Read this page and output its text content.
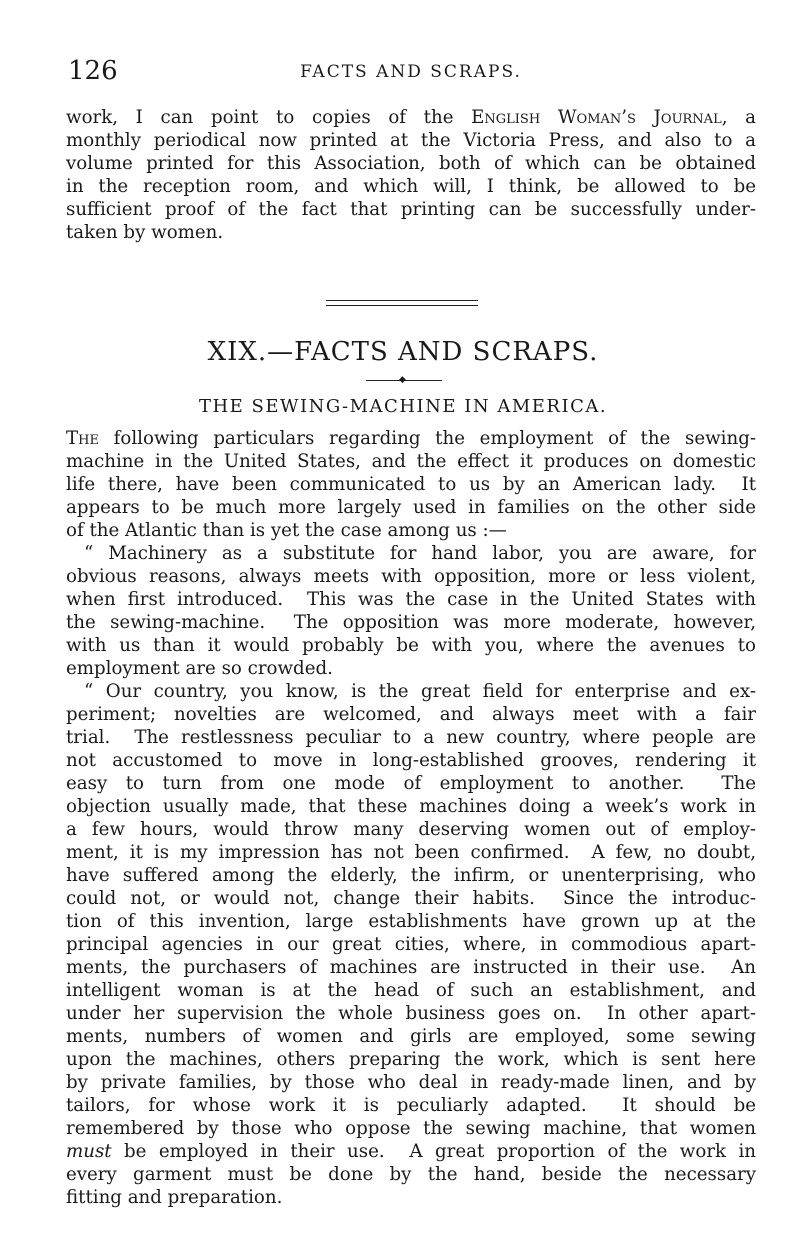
126	FACTS AND SCRAPS.
work, I can point to copies of the English Woman’s Journal, a
monthly periodical now printed at the Victoria Press, and also to a
volume printed for this Association, both of which can be obtained
in the reception room, and which will, I think, be allowed to be
sufficient proof of the fact that printing can be successfully under-
taken by women.
XIX.—FACTS AND SCRAPS.
◆
THE SEWING-MACHINE IN AMERICA.
The following particulars regarding the employment of the sewing-
machine in the United States, and the effect it produces on domestic
life there, have been communicated to us by an American lady.  It
appears to be much more largely used in families on the other side
of the Atlantic than is yet the case among us :—
“ Machinery as a substitute for hand labor, you are aware, for
obvious reasons, always meets with opposition, more or less violent,
when first introduced.  This was the case in the United States with
the sewing-machine.  The opposition was more moderate, however,
with us than it would probably be with you, where the avenues to
employment are so crowded.
“ Our country, you know, is the great field for enterprise and ex-
periment; novelties are welcomed, and always meet with a fair
trial.  The restlessness peculiar to a new country, where people are
not accustomed to move in long-established grooves, rendering it
easy to turn from one mode of employment to another.  The
objection usually made, that these machines doing a week’s work in
a few hours, would throw many deserving women out of employ-
ment, it is my impression has not been confirmed.  A few, no doubt,
have suffered among the elderly, the infirm, or unenterprising, who
could not, or would not, change their habits.  Since the introduc-
tion of this invention, large establishments have grown up at the
principal agencies in our great cities, where, in commodious apart-
ments, the purchasers of machines are instructed in their use.  An
intelligent woman is at the head of such an establishment, and
under her supervision the whole business goes on.  In other apart-
ments, numbers of women and girls are employed, some sewing
upon the machines, others preparing the work, which is sent here
by private families, by those who deal in ready-made linen, and by
tailors, for whose work it is peculiarly adapted.  It should be
remembered by those who oppose the sewing machine, that women
must be employed in their use.  A great proportion of the work in
every garment must be done by the hand, beside the necessary
fitting and preparation.
